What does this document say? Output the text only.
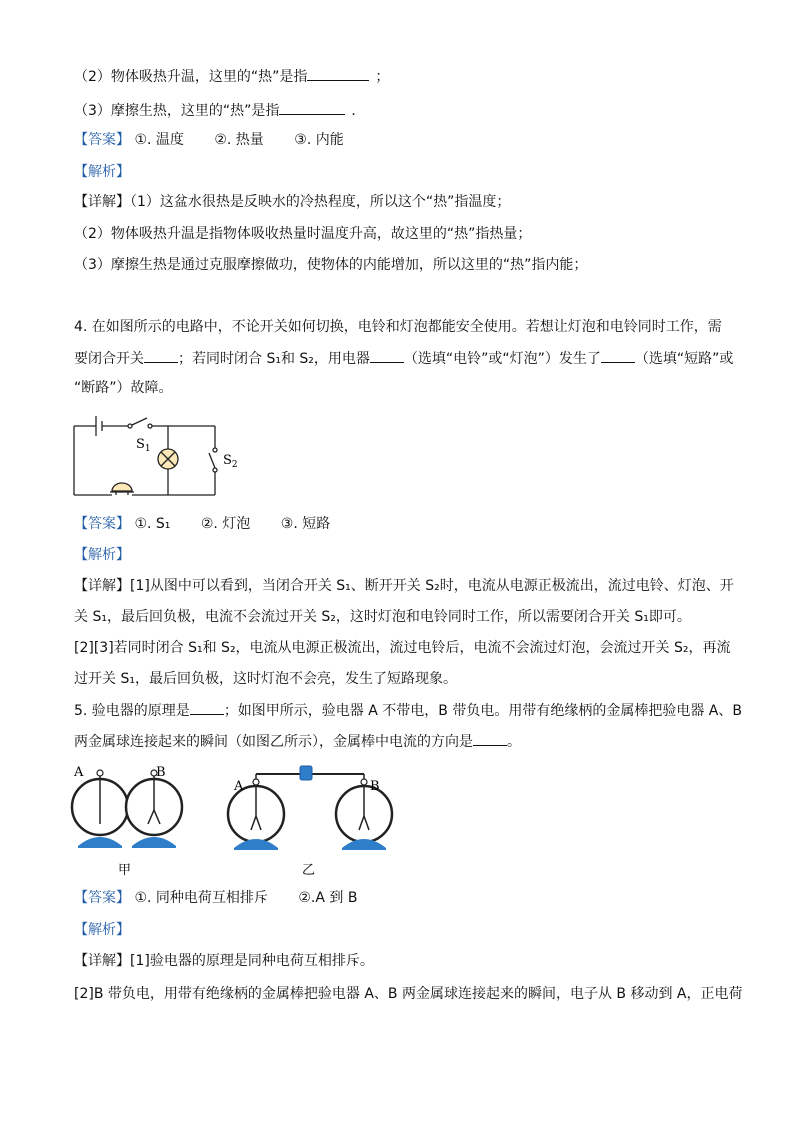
（2）物体吸热升温，这里的“热”是指	；
（3）摩擦生热，这里的“热”是指	．
【答案】 ①. 温度 ②. 热量 ③. 内能
【解析】
【详解】（1）这盆水很热是反映水的冷热程度，所以这个“热”指温度；
（2）物体吸热升温是指物体吸收热量时温度升高，故这里的“热”指热量；
（3）摩擦生热是通过克服摩擦做功，使物体的内能增加，所以这里的“热”指内能；
4. 在如图所示的电路中，不论开关如何切换，电铃和灯泡都能安全使用。若想让灯泡和电铃同时工作，需
要闭合开关 ；若同时闭合 S₁和 S₂，用电器 （选填“电铃”或“灯泡”）发生了 （选填“短路”或
“断路”）故障。
$S_1$
$S_2$
【答案】 ①. S₁ ②. 灯泡 ③. 短路
【解析】
【详解】[1]从图中可以看到，当闭合开关 S₁、断开开关 S₂时，电流从电源正极流出，流过电铃、灯泡、开
关 S₁，最后回负极，电流不会流过开关 S₂，这时灯泡和电铃同时工作，所以需要闭合开关 S₁即可。
[2][3]若同时闭合 S₁和 S₂，电流从电源正极流出，流过电铃后，电流不会流过灯泡，会流过开关 S₂，再流
过开关 S₁，最后回负极，这时灯泡不会亮，发生了短路现象。
5. 验电器的原理是 ；如图甲所示，验电器 A 不带电，B 带负电。用带有绝缘柄的金属棒把验电器 A、B
两金属球连接起来的瞬间（如图乙所示），金属棒中电流的方向是 。
A	B
甲
A	B
乙
【答案】 ①. 同种电荷互相排斥 ②.A 到 B
【解析】
【详解】[1]验电器的原理是同种电荷互相排斥。
[2]B 带负电，用带有绝缘柄的金属棒把验电器 A、B 两金属球连接起来的瞬间，电子从 B 移动到 A，正电荷
